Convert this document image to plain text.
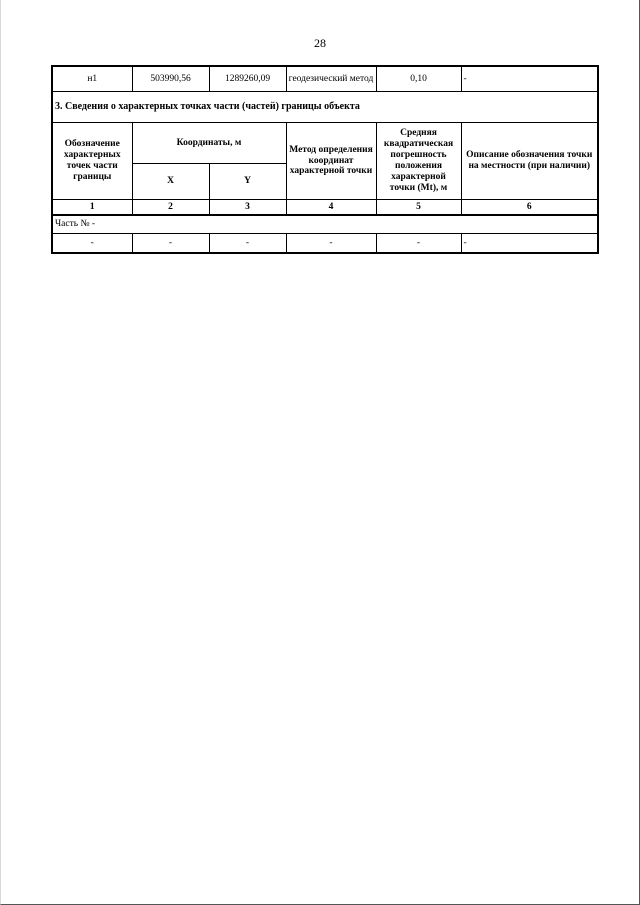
28
н1	503990,56	1289260,09	геодезический метод	0,10	-
3. Сведения о характерных точках части (частей) границы объекта					
Обозначение характерных точек части границы	Координаты, м		Метод определения координат характерной точки	Средняя квадратическая погрешность положения характерной точки (Mt), м	Описание обозначения точки на местности (при наличии)
	X	Y			
1	2	3	4	5	6
Часть № -					
-	-	-	-	-	-
